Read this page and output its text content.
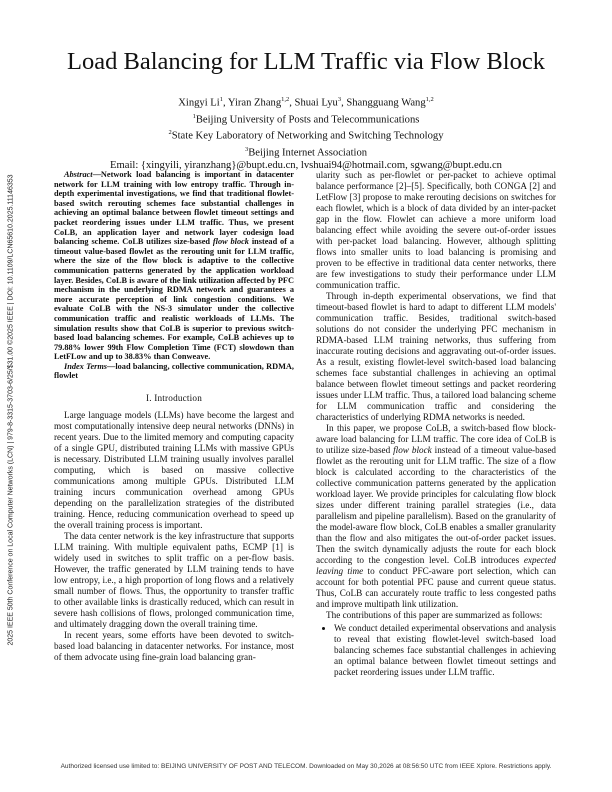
2025 IEEE 50th Conference on Local Computer Networks (LCN) | 979-8-3315-3703-6/25/$31.00 ©2025 IEEE | DOI: 10.1109/LCN65610.2025.11146353
Load Balancing for LLM Traffic via Flow Block
Xingyi Li$^1$, Yiran Zhang$^{1,2}$, Shuai Lyu$^3$, Shangguang Wang$^{1,2}$
$^1$Beijing University of Posts and Telecommunications
$^2$State Key Laboratory of Networking and Switching Technology
$^3$Beijing Internet Association
Email: {xingyili, yiranzhang}@bupt.edu.cn, lvshuai94@hotmail.com, sgwang@bupt.edu.cn

Abstract—Network load balancing is important in datacenter network for LLM training with low entropy traffic. Through in-depth experimental investigations, we find that traditional flowlet-based switch rerouting schemes face substantial challenges in achieving an optimal balance between flowlet timeout settings and packet reordering issues under LLM traffic. Thus, we present CoLB, an application layer and network layer codesign load balancing scheme. CoLB utilizes size-based flow block instead of a timeout value-based flowlet as the rerouting unit for LLM traffic, where the size of the flow block is adaptive to the collective communication patterns generated by the application workload layer. Besides, CoLB is aware of the link utilization affected by PFC mechanism in the underlying RDMA network and guarantees a more accurate perception of link congestion conditions. We evaluate CoLB with the NS-3 simulator under the collective communication traffic and realistic workloads of LLMs. The simulation results show that CoLB is superior to previous switch-based load balancing schemes. For example, CoLB achieves up to 79.88% lower 99th Flow Completion Time (FCT) slowdown than LetFLow and up to 38.83% than Conweave.

Index Terms—load balancing, collective communication, RDMA, flowlet

I. Introduction

Large language models (LLMs) have become the largest and most computationally intensive deep neural networks (DNNs) in recent years. Due to the limited memory and computing capacity of a single GPU, distributed training LLMs with massive GPUs is necessary. Distributed LLM training usually involves parallel computing, which is based on massive collective communications among multiple GPUs. Distributed LLM training incurs communication overhead among GPUs depending on the parallelization strategies of the distributed training. Hence, reducing communication overhead to speed up the overall training process is important.

The data center network is the key infrastructure that supports LLM training. With multiple equivalent paths, ECMP [1] is widely used in switches to split traffic on a per-flow basis. However, the traffic generated by LLM training tends to have low entropy, i.e., a high proportion of long flows and a relatively small number of flows. Thus, the opportunity to transfer traffic to other available links is drastically reduced, which can result in severe hash collisions of flows, prolonged communication time, and ultimately dragging down the overall training time.

In recent years, some efforts have been devoted to switch-based load balancing in datacenter networks. For instance, most of them advocate using fine-grain load balancing gran-

ularity such as per-flowlet or per-packet to achieve optimal balance performance [2]–[5]. Specifically, both CONGA [2] and LetFlow [3] propose to make rerouting decisions on switches for each flowlet, which is a block of data divided by an inter-packet gap in the flow. Flowlet can achieve a more uniform load balancing effect while avoiding the severe out-of-order issues with per-packet load balancing. However, although splitting flows into smaller units to load balancing is promising and proven to be effective in traditional data center networks, there are few investigations to study their performance under LLM communication traffic.

Through in-depth experimental observations, we find that timeout-based flowlet is hard to adapt to different LLM models' communication traffic. Besides, traditional switch-based solutions do not consider the underlying PFC mechanism in RDMA-based LLM training networks, thus suffering from inaccurate routing decisions and aggravating out-of-order issues. As a result, existing flowlet-level switch-based load balancing schemes face substantial challenges in achieving an optimal balance between flowlet timeout settings and packet reordering issues under LLM traffic. Thus, a tailored load balancing scheme for LLM communication traffic and considering the characteristics of underlying RDMA networks is needed.

In this paper, we propose CoLB, a switch-based flow block-aware load balancing for LLM traffic. The core idea of CoLB is to utilize size-based flow block instead of a timeout value-based flowlet as the rerouting unit for LLM traffic. The size of a flow block is calculated according to the characteristics of the collective communication patterns generated by the application workload layer. We provide principles for calculating flow block sizes under different training parallel strategies (i.e., data parallelism and pipeline parallelism). Based on the granularity of the model-aware flow block, CoLB enables a smaller granularity than the flow and also mitigates the out-of-order packet issues. Then the switch dynamically adjusts the route for each block according to the congestion level. CoLB introduces expected leaving time to conduct PFC-aware port selection, which can account for both potential PFC pause and current queue status. Thus, CoLB can accurately route traffic to less congested paths and improve multipath link utilization.

The contributions of this paper are summarized as follows:

• We conduct detailed experimental observations and analysis to reveal that existing flowlet-level switch-based load balancing schemes face substantial challenges in achieving an optimal balance between flowlet timeout settings and packet reordering issues under LLM traffic.
Authorized licensed use limited to: BEIJING UNIVERSITY OF POST AND TELECOM. Downloaded on May 30,2026 at 08:56:50 UTC from IEEE Xplore. Restrictions apply.
